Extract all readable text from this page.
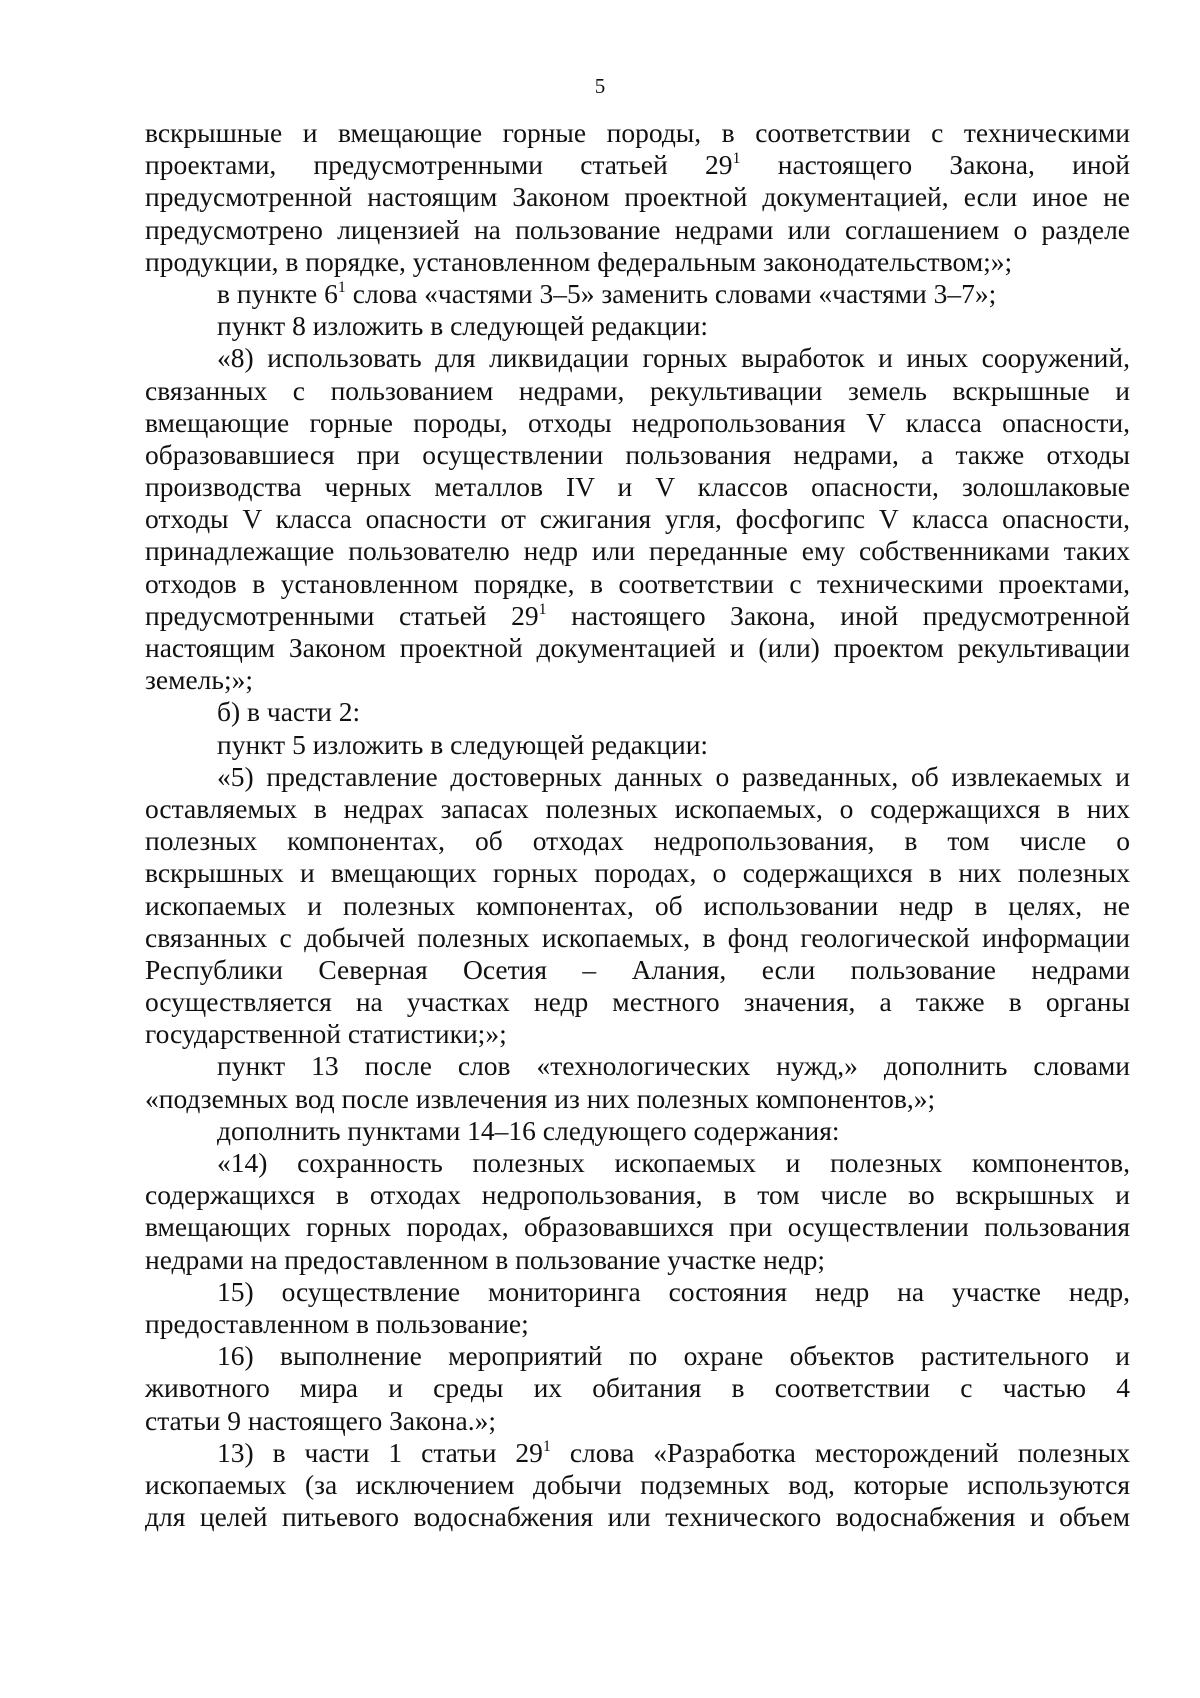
5
вскрышные и вмещающие горные породы, в соответствии с техническими
проектами, предусмотренными статьей $29^1$ настоящего Закона, иной
предусмотренной настоящим Законом проектной документацией, если иное не
предусмотрено лицензией на пользование недрами или соглашением о разделе
продукции, в порядке, установленном федеральным законодательством;»;
в пункте $6^1$ слова «частями 3–5» заменить словами «частями 3–7»;
пункт 8 изложить в следующей редакции:
«8) использовать для ликвидации горных выработок и иных сооружений,
связанных с пользованием недрами, рекультивации земель вскрышные и
вмещающие горные породы, отходы недропользования V класса опасности,
образовавшиеся при осуществлении пользования недрами, а также отходы
производства черных металлов IV и V классов опасности, золошлаковые
отходы V класса опасности от сжигания угля, фосфогипс V класса опасности,
принадлежащие пользователю недр или переданные ему собственниками таких
отходов в установленном порядке, в соответствии с техническими проектами,
предусмотренными статьей $29^1$ настоящего Закона, иной предусмотренной
настоящим Законом проектной документацией и (или) проектом рекультивации
земель;»;
б) в части 2:
пункт 5 изложить в следующей редакции:
«5) представление достоверных данных о разведанных, об извлекаемых и
оставляемых в недрах запасах полезных ископаемых, о содержащихся в них
полезных компонентах, об отходах недропользования, в том числе о
вскрышных и вмещающих горных породах, о содержащихся в них полезных
ископаемых и полезных компонентах, об использовании недр в целях, не
связанных с добычей полезных ископаемых, в фонд геологической информации
Республики Северная Осетия – Алания, если пользование недрами
осуществляется на участках недр местного значения, а также в органы
государственной статистики;»;
пункт 13 после слов «технологических нужд,» дополнить словами
«подземных вод после извлечения из них полезных компонентов,»;
дополнить пунктами 14–16 следующего содержания:
«14) сохранность полезных ископаемых и полезных компонентов,
содержащихся в отходах недропользования, в том числе во вскрышных и
вмещающих горных породах, образовавшихся при осуществлении пользования
недрами на предоставленном в пользование участке недр;
15) осуществление мониторинга состояния недр на участке недр,
предоставленном в пользование;
16) выполнение мероприятий по охране объектов растительного и
животного мира и среды их обитания в соответствии с частью 4
статьи 9 настоящего Закона.»;
13) в части 1 статьи $29^1$ слова «Разработка месторождений полезных
ископаемых (за исключением добычи подземных вод, которые используются
для целей питьевого водоснабжения или технического водоснабжения и объем
